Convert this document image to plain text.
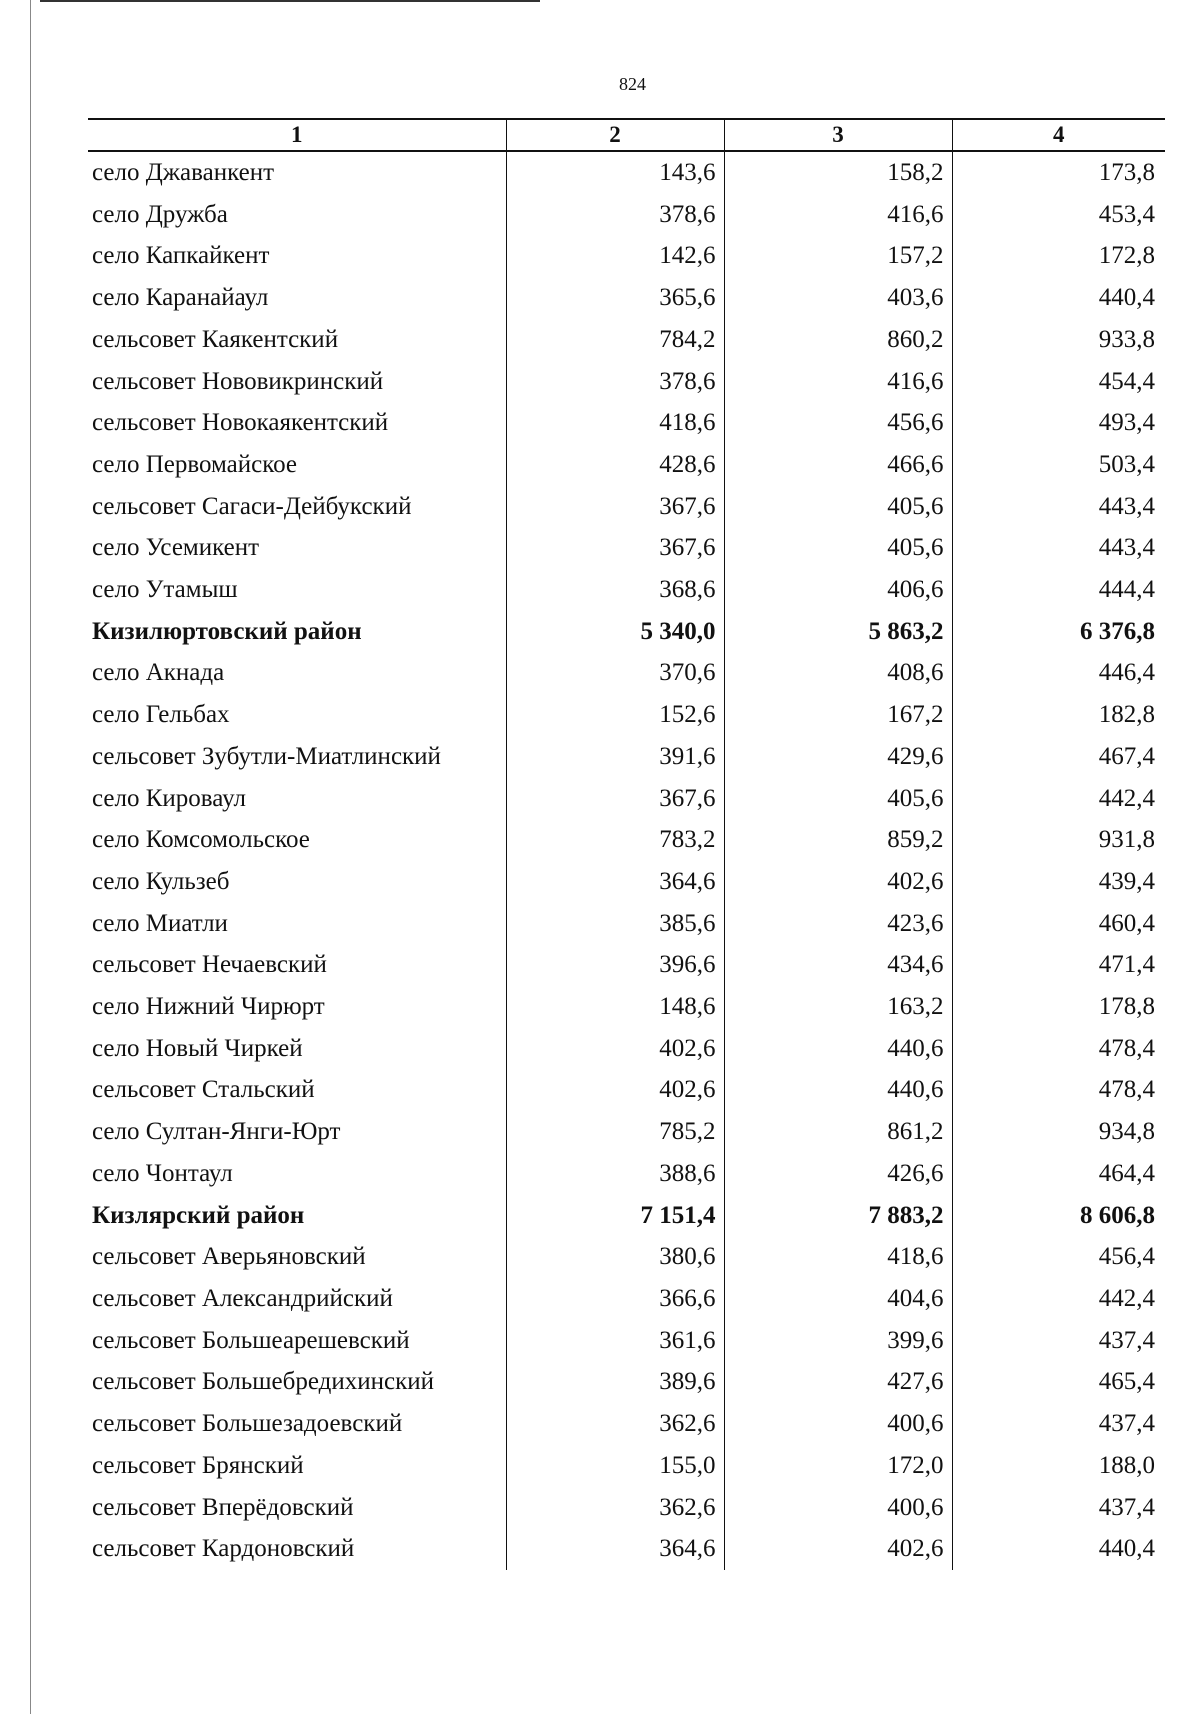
824
1	2	3	4
село Джаванкент	143,6	158,2	173,8
село Дружба	378,6	416,6	453,4
село Капкайкент	142,6	157,2	172,8
село Каранайаул	365,6	403,6	440,4
сельсовет Каякентский	784,2	860,2	933,8
сельсовет Нововикринский	378,6	416,6	454,4
сельсовет Новокаякентский	418,6	456,6	493,4
село Первомайское	428,6	466,6	503,4
сельсовет Сагаси-Дейбукский	367,6	405,6	443,4
село Усемикент	367,6	405,6	443,4
село Утамыш	368,6	406,6	444,4
Кизилюртовский район	5 340,0	5 863,2	6 376,8
село Акнада	370,6	408,6	446,4
село Гельбах	152,6	167,2	182,8
сельсовет Зубутли-Миатлинский	391,6	429,6	467,4
село Кироваул	367,6	405,6	442,4
село Комсомольское	783,2	859,2	931,8
село Кульзеб	364,6	402,6	439,4
село Миатли	385,6	423,6	460,4
сельсовет Нечаевский	396,6	434,6	471,4
село Нижний Чирюрт	148,6	163,2	178,8
село Новый Чиркей	402,6	440,6	478,4
сельсовет Стальский	402,6	440,6	478,4
село Султан-Янги-Юрт	785,2	861,2	934,8
село Чонтаул	388,6	426,6	464,4
Кизлярский район	7 151,4	7 883,2	8 606,8
сельсовет Аверьяновский	380,6	418,6	456,4
сельсовет Александрийский	366,6	404,6	442,4
сельсовет Большеарешевский	361,6	399,6	437,4
сельсовет Большебредихинский	389,6	427,6	465,4
сельсовет Большезадоевский	362,6	400,6	437,4
сельсовет Брянский	155,0	172,0	188,0
сельсовет Вперёдовский	362,6	400,6	437,4
сельсовет Кардоновский	364,6	402,6	440,4
